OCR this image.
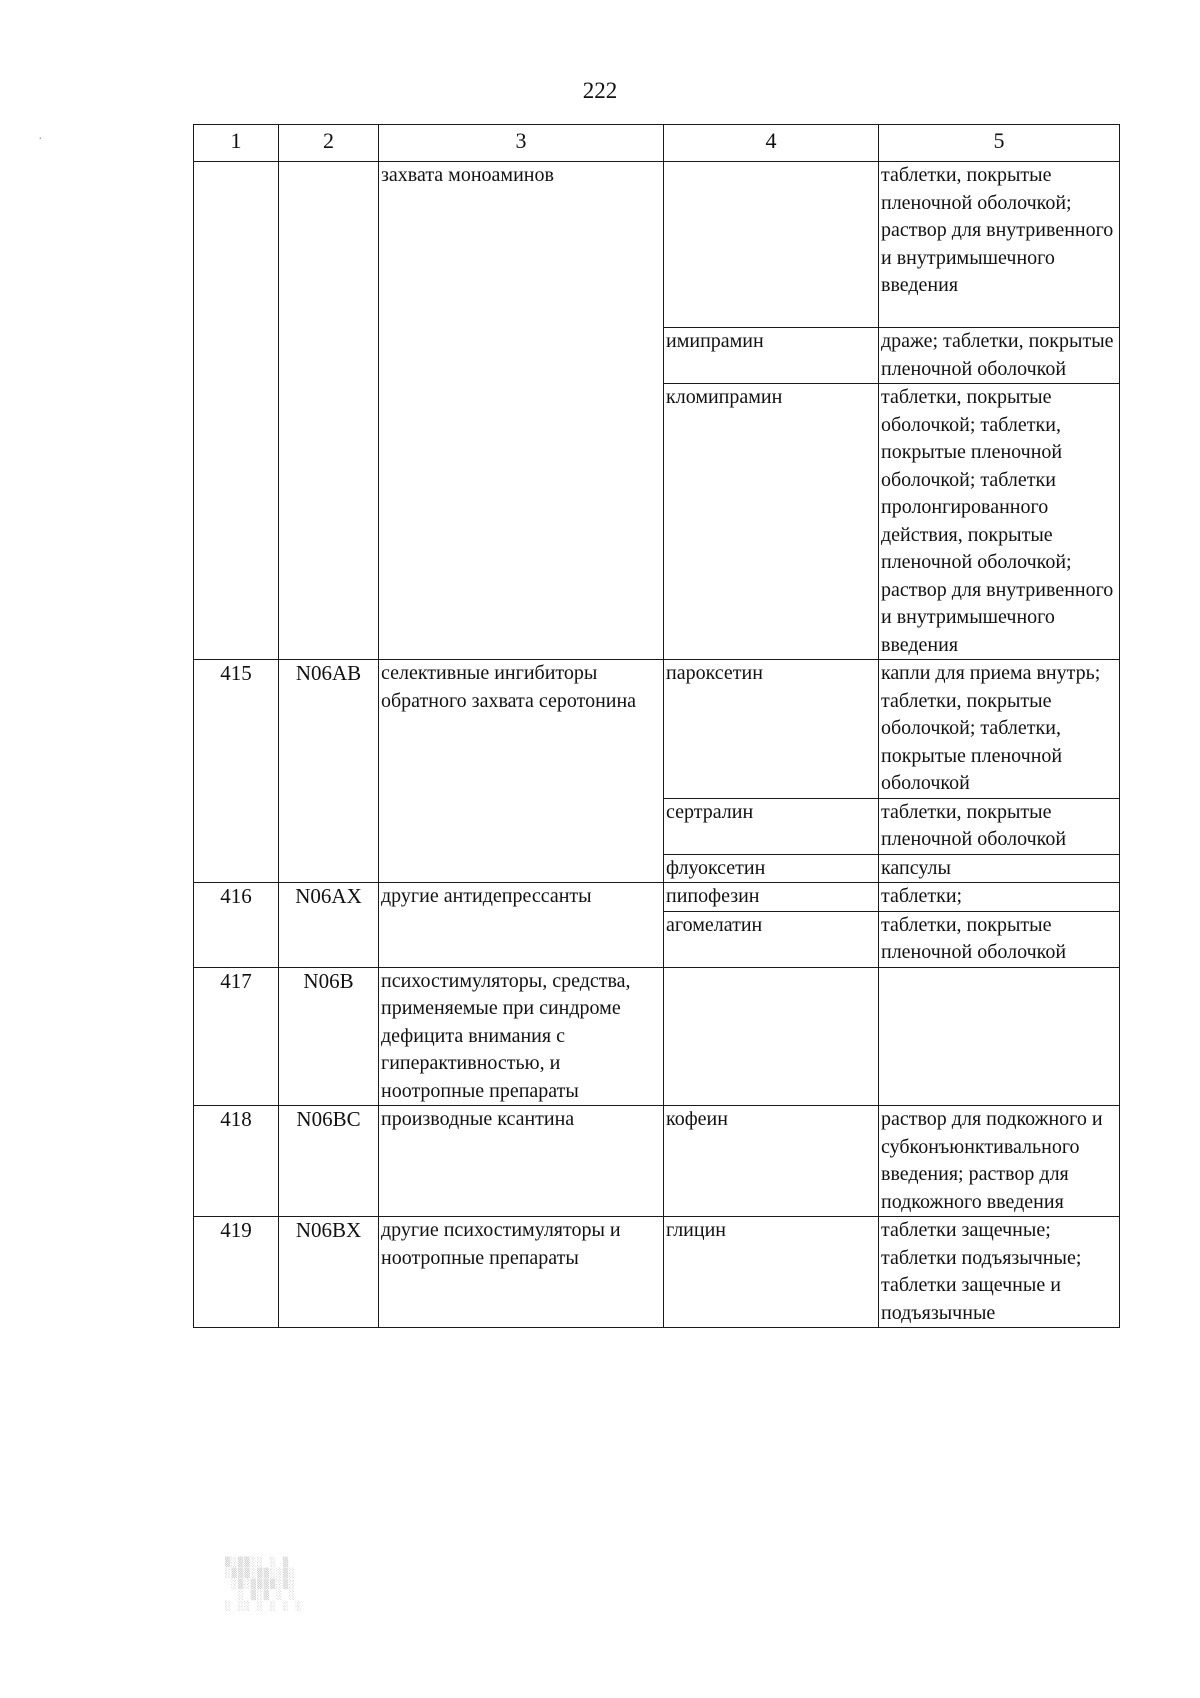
222
·	1	2	3	4	5
		захвата моноаминов		таблетки, покрытые пленочной оболочкой; раствор для внутривенного и внутримышечного введения
			имипрамин	драже; таблетки, покрытые пленочной оболочкой
			кломипрамин	таблетки, покрытые оболочкой; таблетки, покрытые пленочной оболочкой; таблетки пролонгированного действия, покрытые пленочной оболочкой; раствор для внутривенного и внутримышечного введения
415	N06AB	селективные ингибиторы обратного захвата серотонина	пароксетин	капли для приема внутрь; таблетки, покрытые оболочкой; таблетки, покрытые пленочной оболочкой
			сертралин	таблетки, покрытые пленочной оболочкой
			флуоксетин	капсулы
416	N06AX	другие антидепрессанты	пипофезин	таблетки;
			агомелатин	таблетки, покрытые пленочной оболочкой
417	N06B	психостимуляторы, средства, применяемые при синдроме дефицита внимания с гиперактивностью, и ноотропные препараты		
418	N06BC	производные ксантина	кофеин	раствор для подкожного и субконъюнктивального введения; раствор для подкожного введения
419	N06BX	другие психостимуляторы и ноотропные препараты	глицин	таблетки защечные; таблетки подъязычные; таблетки защечные и подъязычные
▒░▒▒░░ ░ ▒
░▒▒▒░▒▒░░▒░
░▒░▒▒▒▒░▒░
░ ▒░▒ ░ ░
░ ░░ ░ ░ ░ ░
